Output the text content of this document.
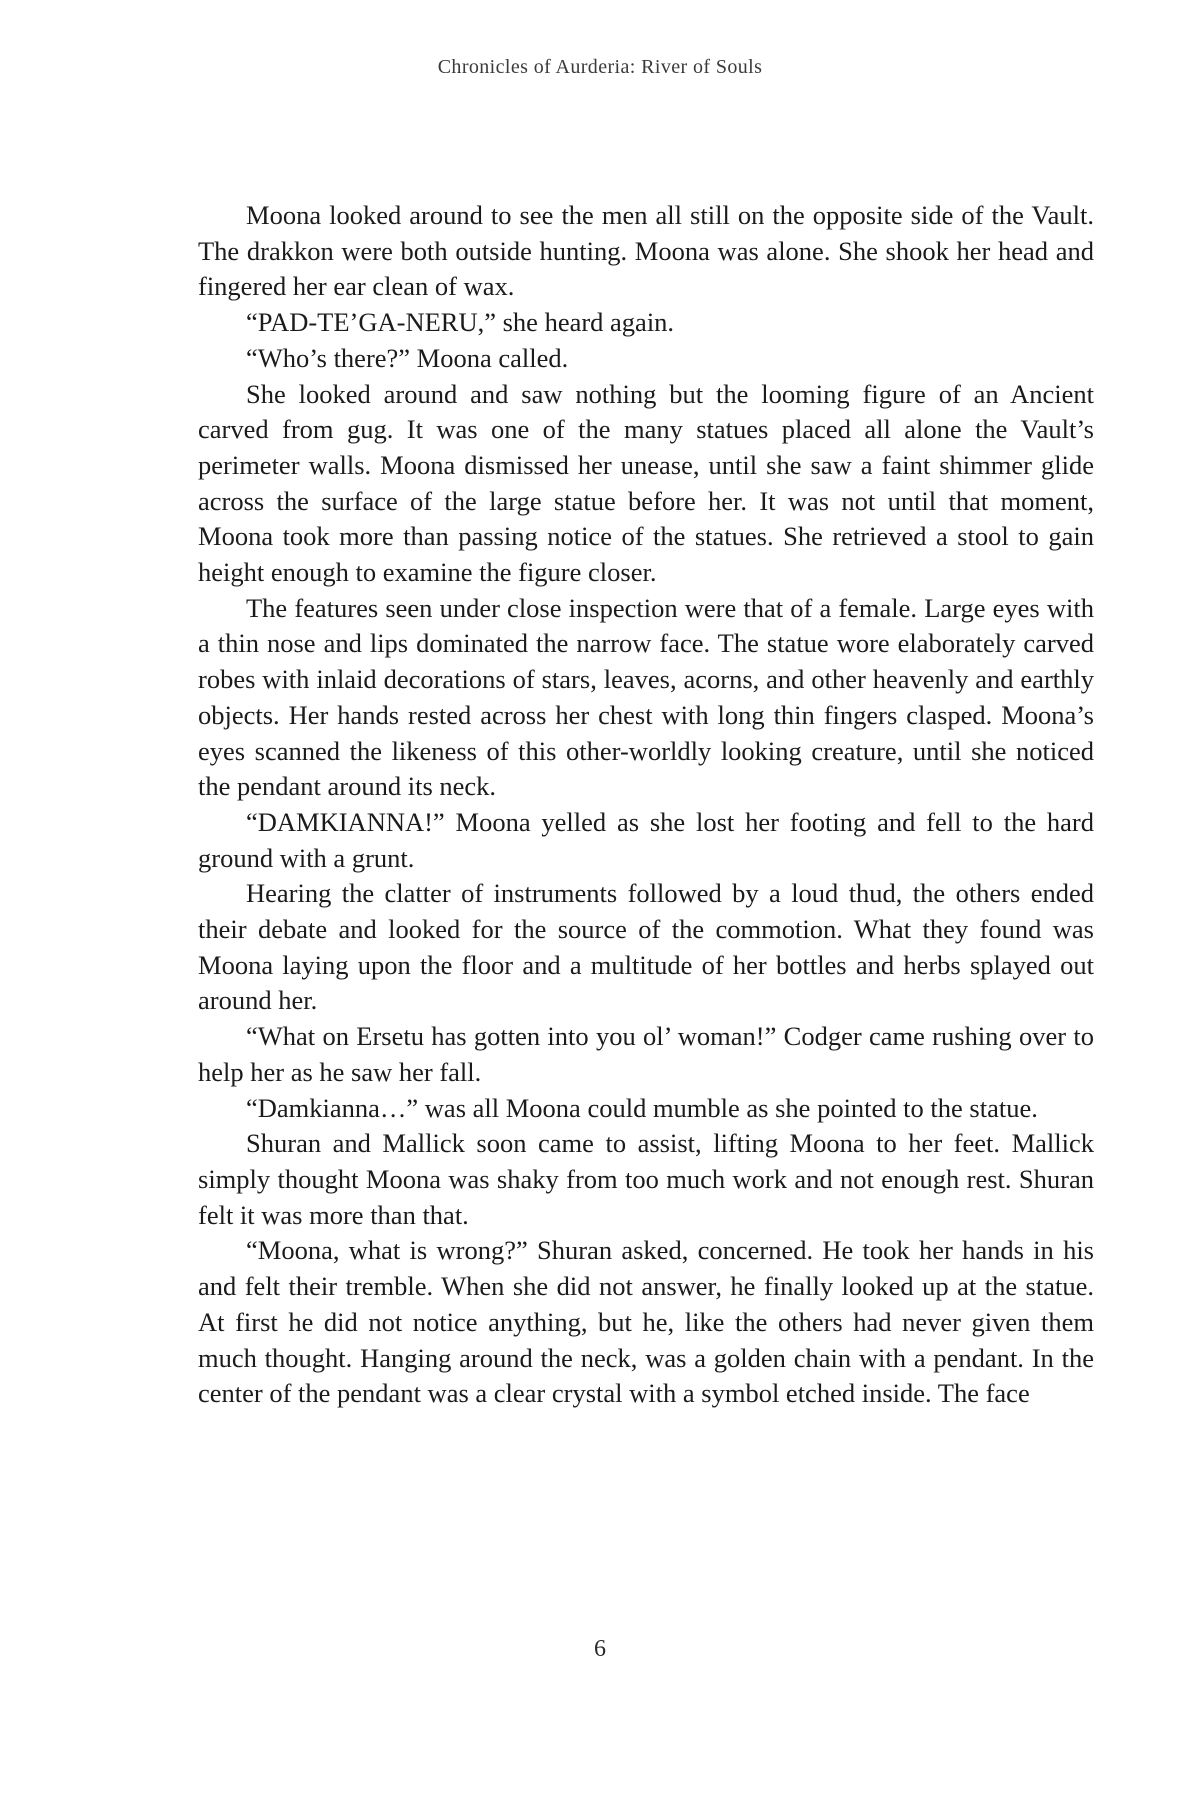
Chronicles of Aurderia: River of Souls

Moona looked around to see the men all still on the opposite side of the Vault. The drakkon were both outside hunting. Moona was alone. She shook her head and fingered her ear clean of wax.

“PAD-TE’GA-NERU,” she heard again.

“Who’s there?” Moona called.

She looked around and saw nothing but the looming figure of an Ancient carved from gug. It was one of the many statues placed all alone the Vault’s perimeter walls. Moona dismissed her unease, until she saw a faint shimmer glide across the surface of the large statue before her. It was not until that moment, Moona took more than passing notice of the statues. She retrieved a stool to gain height enough to examine the figure closer.

The features seen under close inspection were that of a female. Large eyes with a thin nose and lips dominated the narrow face. The statue wore elaborately carved robes with inlaid decorations of stars, leaves, acorns, and other heavenly and earthly objects. Her hands rested across her chest with long thin fingers clasped. Moona’s eyes scanned the likeness of this other-worldly looking creature, until she noticed the pendant around its neck.

“DAMKIANNA!” Moona yelled as she lost her footing and fell to the hard ground with a grunt.

Hearing the clatter of instruments followed by a loud thud, the others ended their debate and looked for the source of the commotion. What they found was Moona laying upon the floor and a multitude of her bottles and herbs splayed out around her.

“What on Ersetu has gotten into you ol’ woman!” Codger came rushing over to help her as he saw her fall.

“Damkianna…” was all Moona could mumble as she pointed to the statue.

Shuran and Mallick soon came to assist, lifting Moona to her feet. Mallick simply thought Moona was shaky from too much work and not enough rest. Shuran felt it was more than that.

“Moona, what is wrong?” Shuran asked, concerned. He took her hands in his and felt their tremble. When she did not answer, he finally looked up at the statue. At first he did not notice anything, but he, like the others had never given them much thought. Hanging around the neck, was a golden chain with a pendant. In the center of the pendant was a clear crystal with a symbol etched inside. The face

6
